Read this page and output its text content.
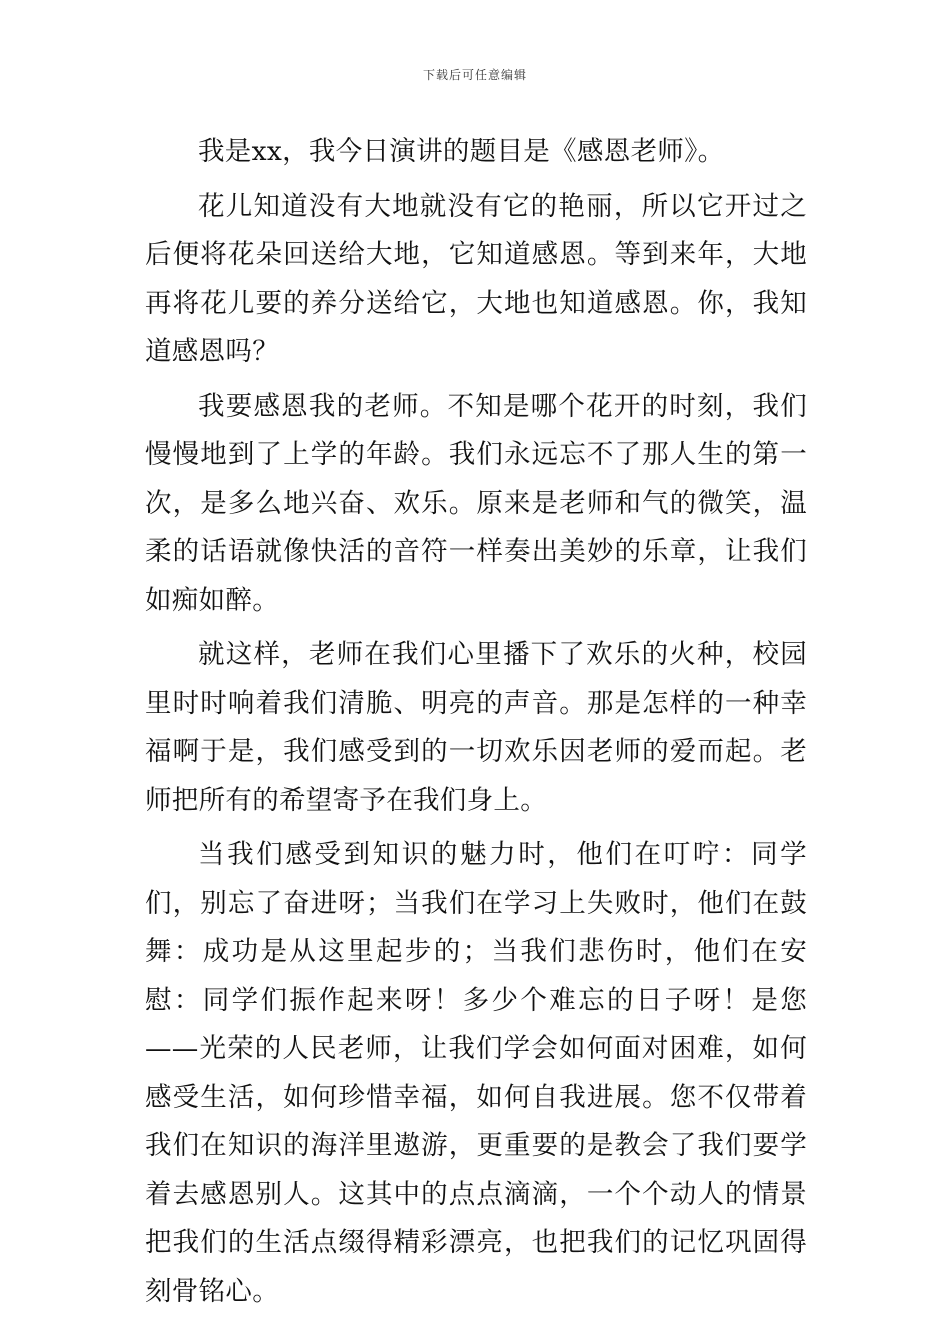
下载后可任意编辑

我是xx，我今日演讲的题目是《感恩老师》。

花儿知道没有大地就没有它的艳丽，所以它开过之后便将花朵回送给大地，它知道感恩。等到来年，大地再将花儿要的养分送给它，大地也知道感恩。你，我知道感恩吗？

我要感恩我的老师。不知是哪个花开的时刻，我们慢慢地到了上学的年龄。我们永远忘不了那人生的第一次，是多么地兴奋、欢乐。原来是老师和气的微笑，温柔的话语就像快活的音符一样奏出美妙的乐章，让我们如痴如醉。

就这样，老师在我们心里播下了欢乐的火种，校园里时时响着我们清脆、明亮的声音。那是怎样的一种幸福啊于是，我们感受到的一切欢乐因老师的爱而起。老师把所有的希望寄予在我们身上。

当我们感受到知识的魅力时，他们在叮咛：同学们，别忘了奋进呀；当我们在学习上失败时，他们在鼓舞：成功是从这里起步的；当我们悲伤时，他们在安慰：同学们振作起来呀！多少个难忘的日子呀！是您——光荣的人民老师，让我们学会如何面对困难，如何感受生活，如何珍惜幸福，如何自我进展。您不仅带着我们在知识的海洋里遨游，更重要的是教会了我们要学着去感恩别人。这其中的点点滴滴，一个个动人的情景把我们的生活点缀得精彩漂亮，也把我们的记忆巩固得刻骨铭心。
